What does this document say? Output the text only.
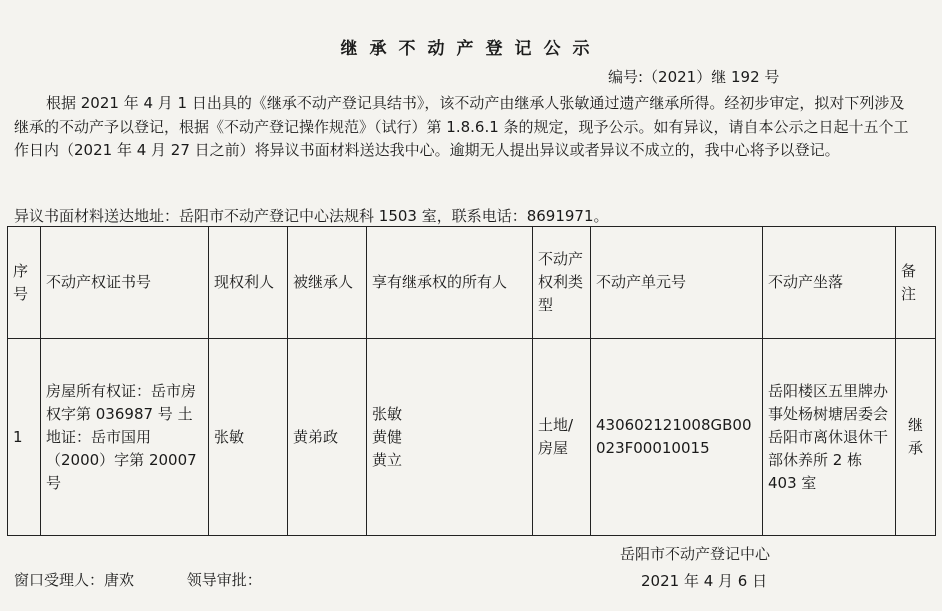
继承不动产登记公示
编号:（2021）继 192 号
根据 2021 年 4 月 1 日出具的《继承不动产登记具结书》，该不动产由继承人张敏通过遗产继承所得。经初步审定，拟对下列涉及继承的不动产予以登记，根据《不动产登记操作规范》（试行）第 1.8.6.1 条的规定，现予公示。如有异议，请自本公示之日起十五个工作日内（2021 年 4 月 27 日之前）将异议书面材料送达我中心。逾期无人提出异议或者异议不成立的，我中心将予以登记。
异议书面材料送达地址：岳阳市不动产登记中心法规科 1503 室，联系电话：8691971。
序号	不动产权证书号	现权利人	被继承人	享有继承权的所有人	不动产权利类型	不动产单元号	不动产坐落	备注
1	房屋所有权证：岳市房权字第 036987 号 土地证：岳市国用（2000）字第 20007 号	张敏	黄弟政	张敏
黄健
黄立	土地/房屋	430602121008GB00023F00010015	岳阳楼区五里牌办事处杨树塘居委会岳阳市离休退休干部休养所 2 栋 403 室	继承
岳阳市不动产登记中心
窗口受理人：唐欢	领导审批：	2021 年 4 月 6 日
